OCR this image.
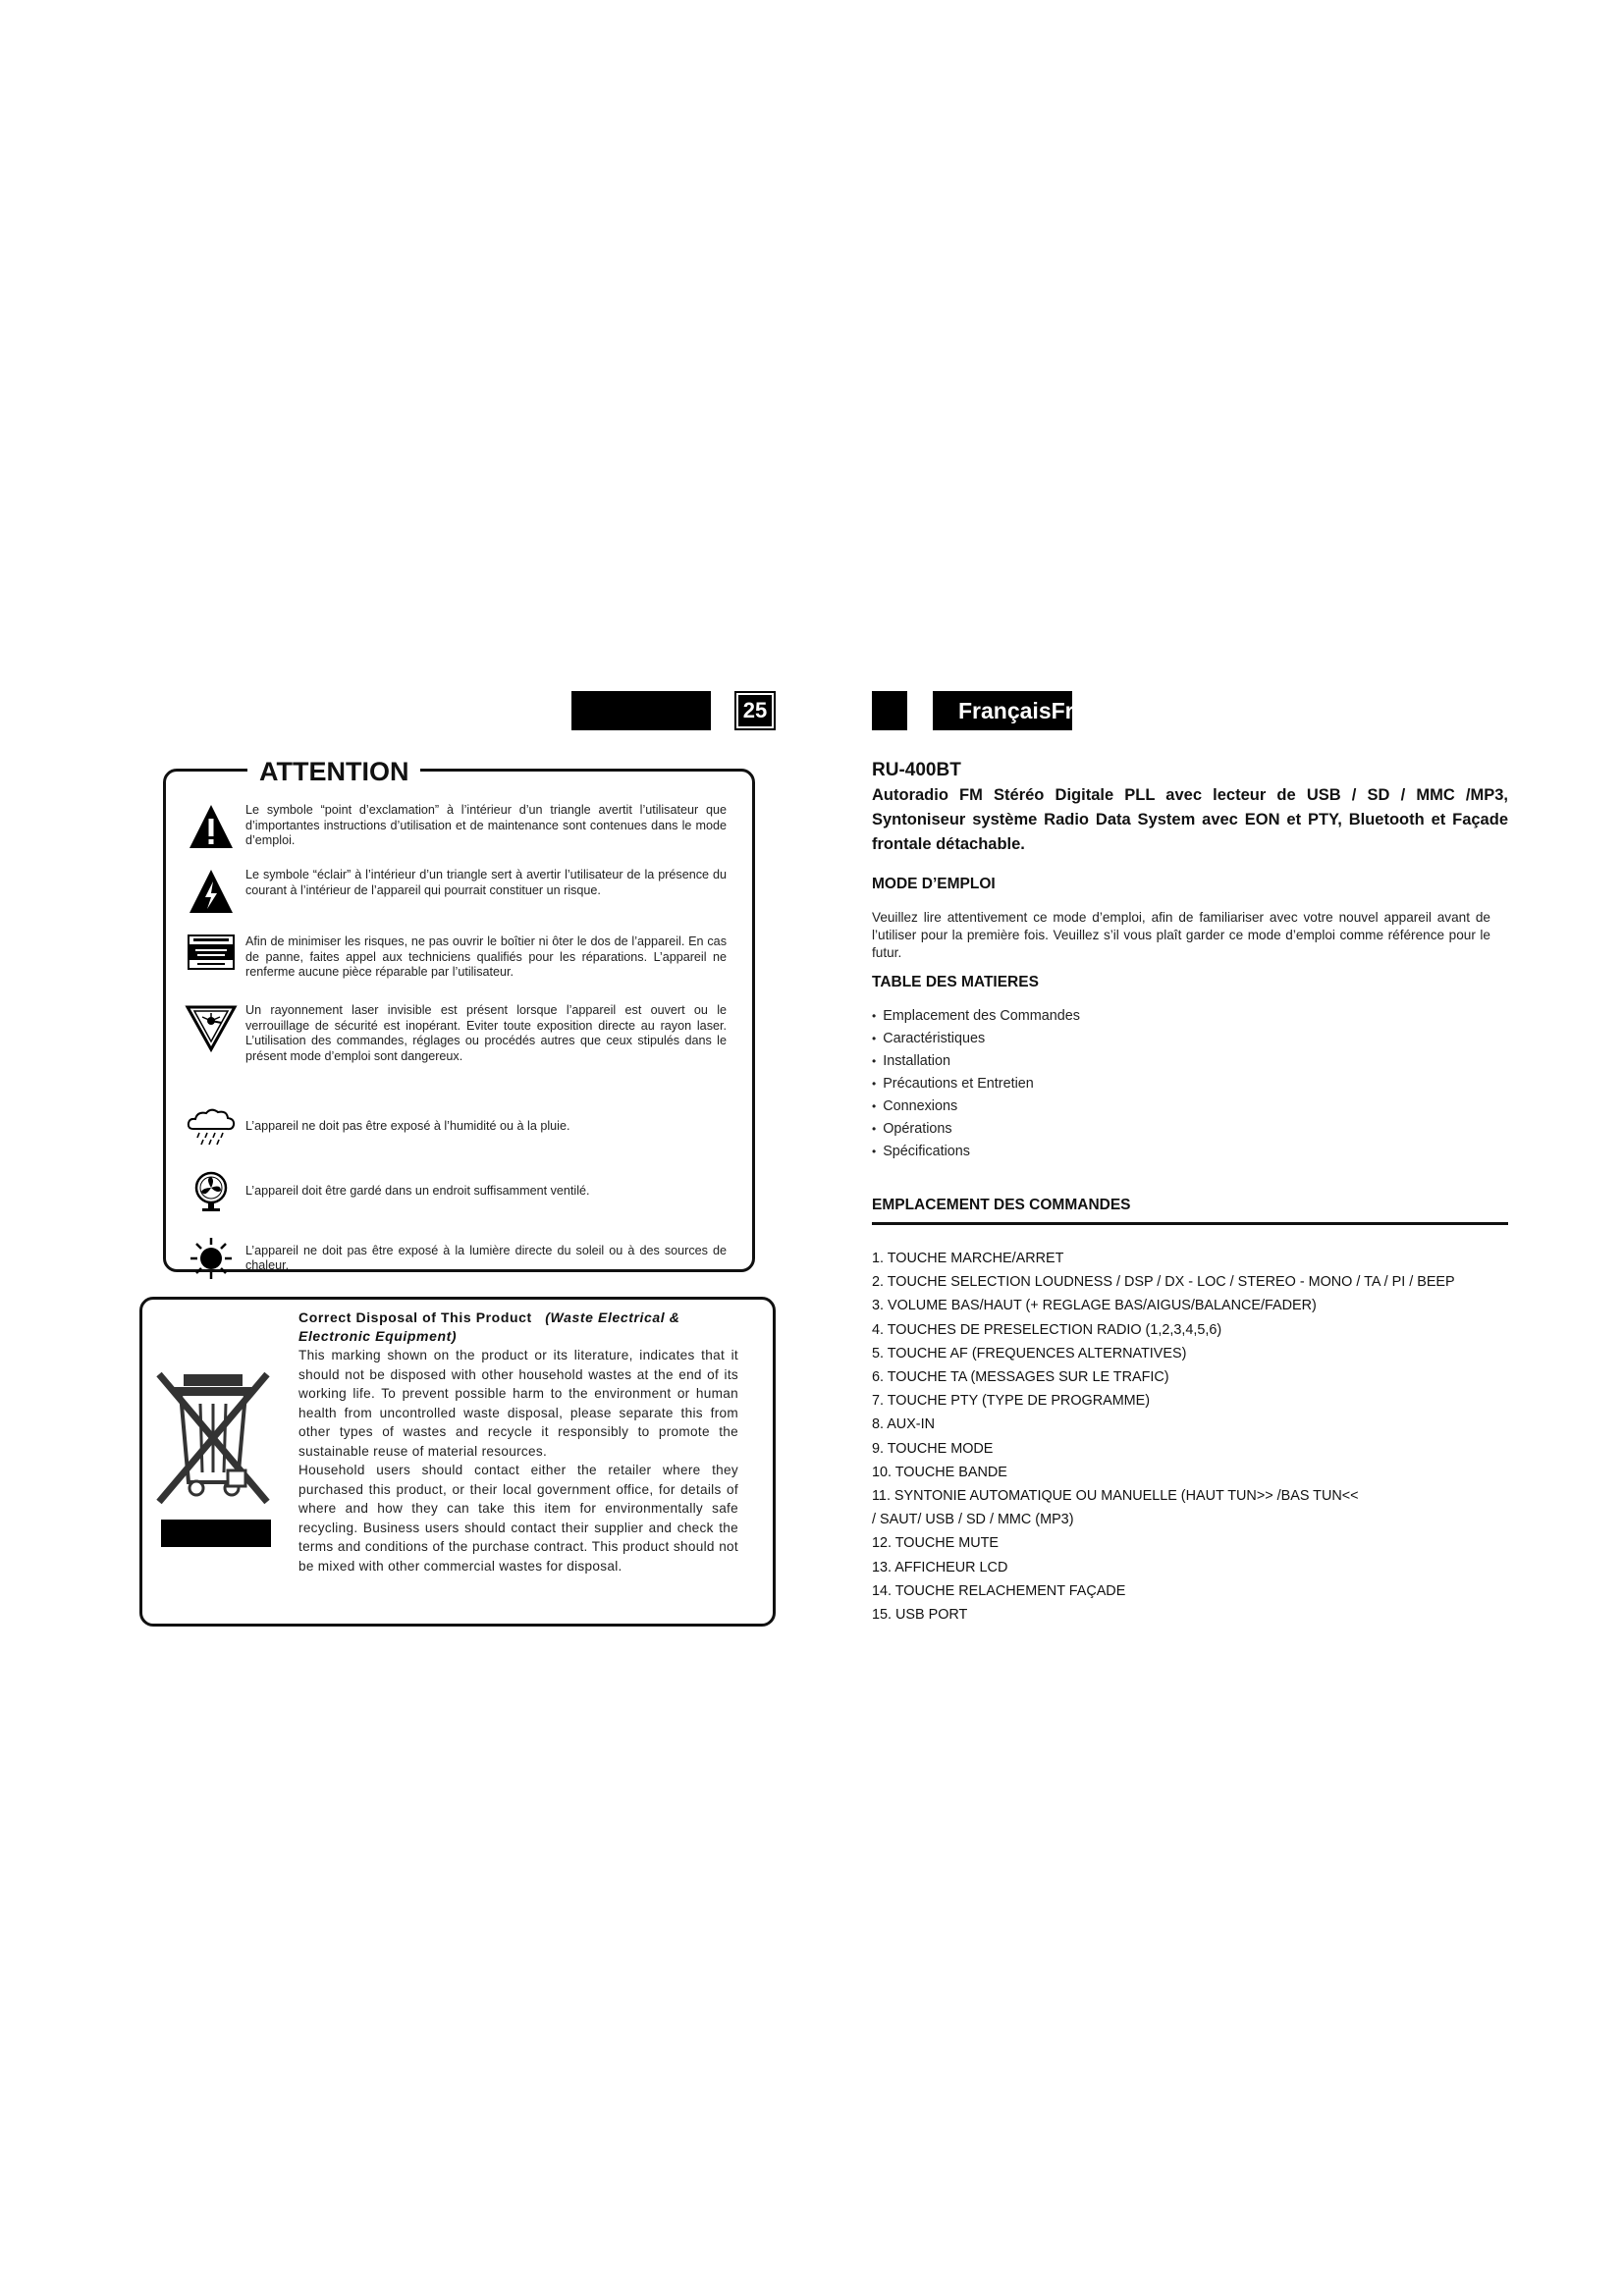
25	FrançaisFra
ATTENTION
Le symbole “point d’exclamation” à l’intérieur d’un triangle avertit l’utilisateur que d’importantes instructions d’utilisation et de maintenance sont contenues dans le mode d’emploi.
Le symbole “éclair” à l’intérieur d’un triangle sert à avertir l’utilisateur de la présence du courant à l’intérieur de l’appareil qui pourrait constituer un risque.
Afin de minimiser les risques, ne pas ouvrir le boîtier ni ôter le dos de l’appareil. En cas de panne, faites appel aux techniciens qualifiés pour les réparations. L’appareil ne renferme aucune pièce réparable par l’utilisateur.
Un rayonnement laser invisible est présent lorsque l’appareil est ouvert ou le verrouillage de sécurité est inopérant. Eviter toute exposition directe au rayon laser. L’utilisation des commandes, réglages ou procédés autres que ceux stipulés dans le présent mode d’emploi sont dangereux.
L’appareil ne doit pas être exposé à l’humidité ou à la pluie.
L’appareil doit être gardé dans un endroit suffisamment ventilé.
L’appareil ne doit pas être exposé à la lumière directe du soleil ou à des sources de chaleur.
Correct Disposal of This Product (Waste Electrical & Electronic Equipment)
This marking shown on the product or its literature, indicates that it should not be disposed with other household wastes at the end of its working life. To prevent possible harm to the environment or human health from uncontrolled waste disposal, please separate this from other types of wastes and recycle it responsibly to promote the sustainable reuse of material resources.
Household users should contact either the retailer where they purchased this product, or their local government office, for details of where and how they can take this item for environmentally safe recycling. Business users should contact their supplier and check the terms and conditions of the purchase contract. This product should not be mixed with other commercial wastes for disposal.
RU-400BT
Autoradio FM Stéréo Digitale PLL avec lecteur de USB / SD / MMC /MP3, Syntoniseur système Radio Data System avec EON et PTY, Bluetooth et Façade frontale détachable.
MODE D’EMPLOI
Veuillez lire attentivement ce mode d’emploi, afin de familiariser avec votre nouvel appareil avant de l’utiliser pour la première fois. Veuillez s’il vous plaît garder ce mode d’emploi comme référence pour le futur.
TABLE DES MATIERES
• Emplacement des Commandes
• Caractéristiques
• Installation
• Précautions et Entretien
• Connexions
• Opérations
• Spécifications
EMPLACEMENT DES COMMANDES
1. TOUCHE MARCHE/ARRET
2. TOUCHE SELECTION LOUDNESS / DSP / DX - LOC / STEREO - MONO / TA / PI / BEEP
3. VOLUME BAS/HAUT (+ REGLAGE BAS/AIGUS/BALANCE/FADER)
4. TOUCHES DE PRESELECTION RADIO (1,2,3,4,5,6)
5. TOUCHE AF (FREQUENCES ALTERNATIVES)
6. TOUCHE TA (MESSAGES SUR LE TRAFIC)
7. TOUCHE PTY (TYPE DE PROGRAMME)
8. AUX-IN
9. TOUCHE MODE
10. TOUCHE BANDE
11. SYNTONIE AUTOMATIQUE OU MANUELLE (HAUT TUN>> /BAS TUN<<
/ SAUT/ USB / SD / MMC (MP3)
12. TOUCHE MUTE
13. AFFICHEUR LCD
14. TOUCHE RELACHEMENT FAÇADE
15. USB PORT
